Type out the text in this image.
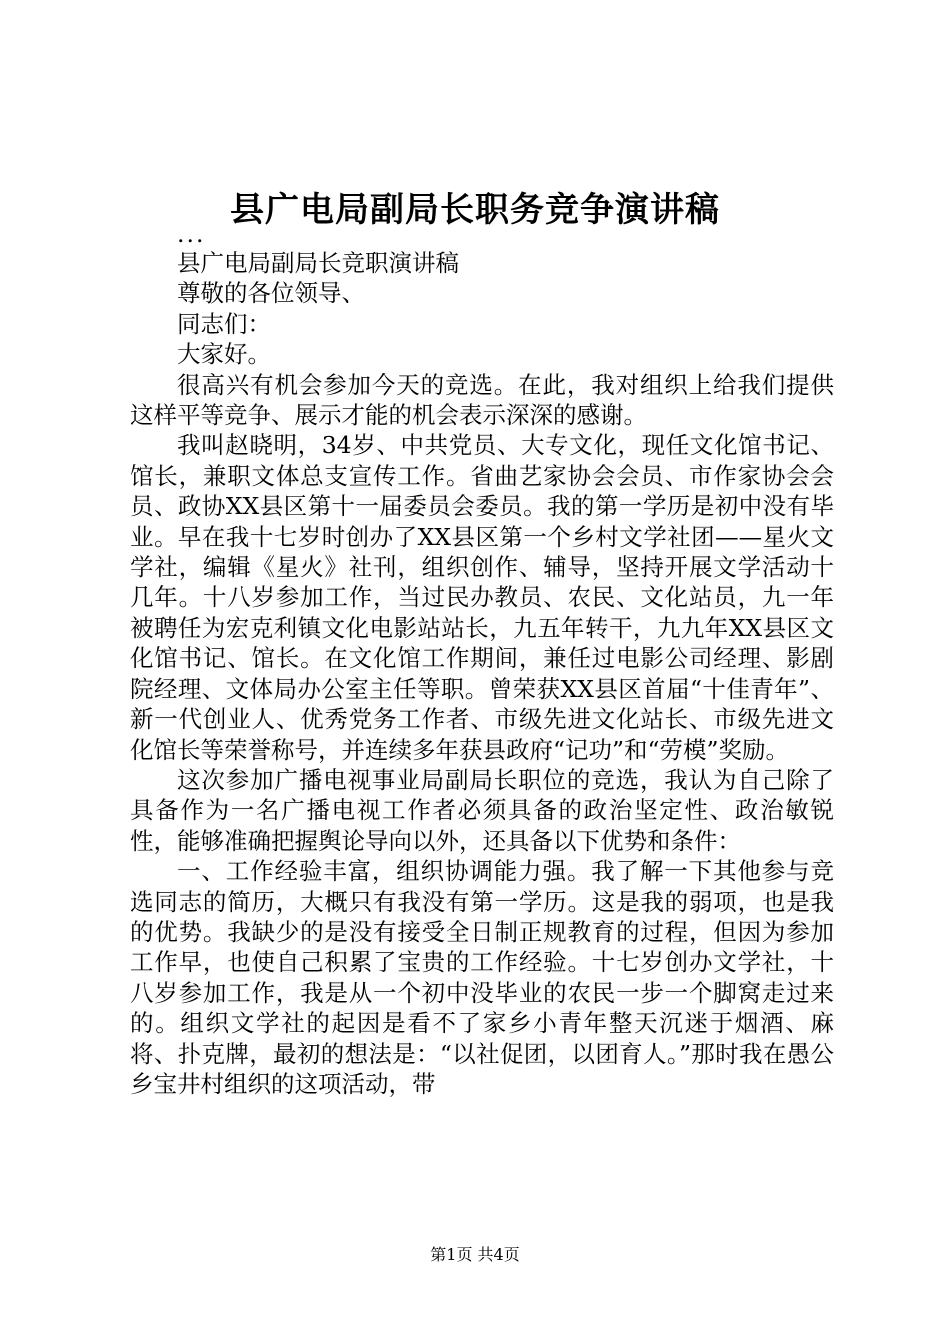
县广电局副局长职务竞争演讲稿

...

县广电局副局长竞职演讲稿

尊敬的各位领导、

同志们：

大家好。

很高兴有机会参加今天的竞选。在此，我对组织上给我们提供这样平等竞争、展示才能的机会表示深深的感谢。

我叫赵晓明，34岁、中共党员、大专文化，现任文化馆书记、馆长，兼职文体总支宣传工作。省曲艺家协会会员、市作家协会会员、政协XX县区第十一届委员会委员。我的第一学历是初中没有毕业。早在我十七岁时创办了XX县区第一个乡村文学社团——星火文学社，编辑《星火》社刊，组织创作、辅导，坚持开展文学活动十几年。十八岁参加工作，当过民办教员、农民、文化站员，九一年被聘任为宏克利镇文化电影站站长，九五年转干，九九年XX县区文化馆书记、馆长。在文化馆工作期间，兼任过电影公司经理、影剧院经理、文体局办公室主任等职。曾荣获XX县区首届“十佳青年”、新一代创业人、优秀党务工作者、市级先进文化站长、市级先进文化馆长等荣誉称号，并连续多年获县政府“记功”和“劳模”奖励。

这次参加广播电视事业局副局长职位的竞选，我认为自己除了具备作为一名广播电视工作者必须具备的政治坚定性、政治敏锐性，能够准确把握舆论导向以外，还具备以下优势和条件：

一、工作经验丰富，组织协调能力强。我了解一下其他参与竞选同志的简历，大概只有我没有第一学历。这是我的弱项，也是我的优势。我缺少的是没有接受全日制正规教育的过程，但因为参加工作早，也使自己积累了宝贵的工作经验。十七岁创办文学社，十八岁参加工作，我是从一个初中没毕业的农民一步一个脚窝走过来的。组织文学社的起因是看不了家乡小青年整天沉迷于烟酒、麻将、扑克牌，最初的想法是：“以社促团，以团育人。”那时我在愚公乡宝井村组织的这项活动，带

第1页 共4页
